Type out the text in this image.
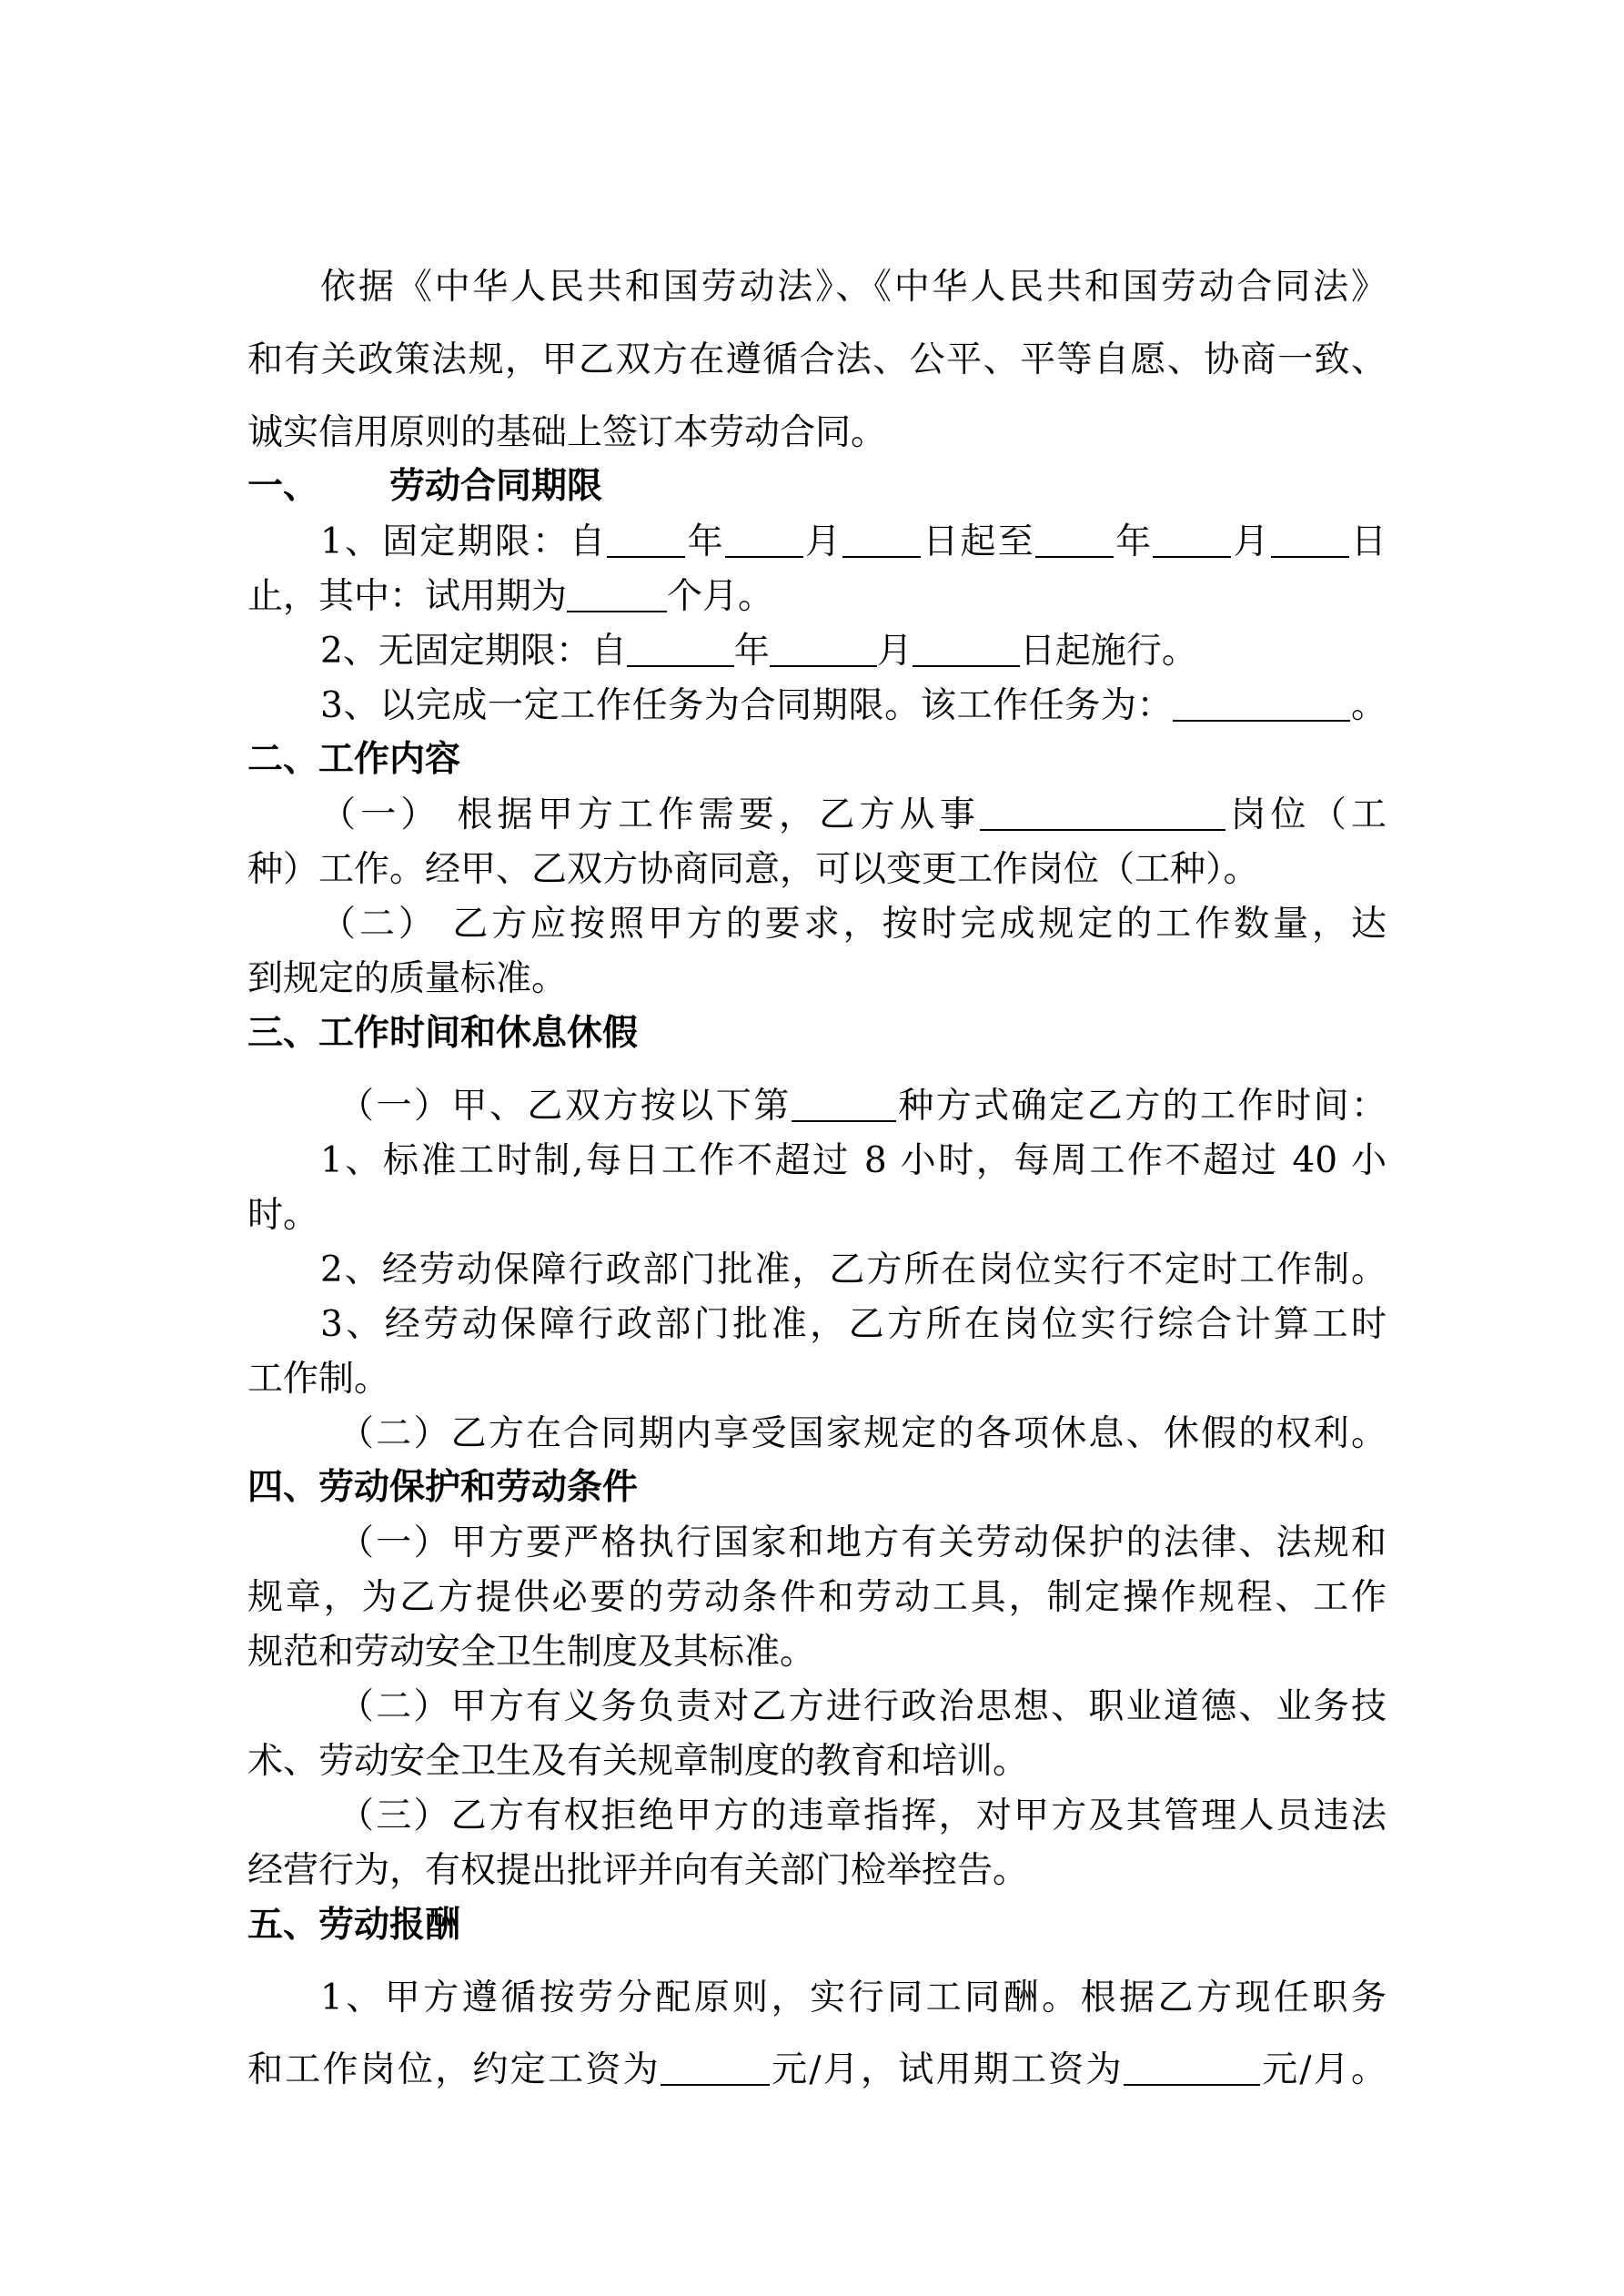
依据《中华人民共和国劳动法》、《中华人民共和国劳动合同法》

和有关政策法规，甲乙双方在遵循合法、公平、平等自愿、协商一致、

诚实信用原则的基础上签订本劳动合同。

一、 劳动合同期限

1、固定期限：自 年 月 日起至 年 月 日

止，其中：试用期为	个月。

2、无固定期限：自	年	月	日起施行。

3、以完成一定工作任务为合同期限。该工作任务为：	。

二、工作内容

（一） 根据甲方工作需要，乙方从事	岗位（工

种）工作。经甲、乙双方协商同意，可以变更工作岗位（工种）。

（二） 乙方应按照甲方的要求，按时完成规定的工作数量，达

到规定的质量标准。

三、工作时间和休息休假

（一）甲、乙双方按以下第	种方式确定乙方的工作时间：

1、标准工时制,每日工作不超过 8 小时，每周工作不超过 40 小

时。

2、经劳动保障行政部门批准，乙方所在岗位实行不定时工作制。

3、经劳动保障行政部门批准，乙方所在岗位实行综合计算工时

工作制。

（二）乙方在合同期内享受国家规定的各项休息、休假的权利。

四、劳动保护和劳动条件

（一）甲方要严格执行国家和地方有关劳动保护的法律、法规和

规章，为乙方提供必要的劳动条件和劳动工具，制定操作规程、工作

规范和劳动安全卫生制度及其标准。

（二）甲方有义务负责对乙方进行政治思想、职业道德、业务技

术、劳动安全卫生及有关规章制度的教育和培训。

（三）乙方有权拒绝甲方的违章指挥，对甲方及其管理人员违法

经营行为，有权提出批评并向有关部门检举控告。

五、劳动报酬

1、甲方遵循按劳分配原则，实行同工同酬。根据乙方现任职务

和工作岗位，约定工资为	元/月，试用期工资为	元/月。
